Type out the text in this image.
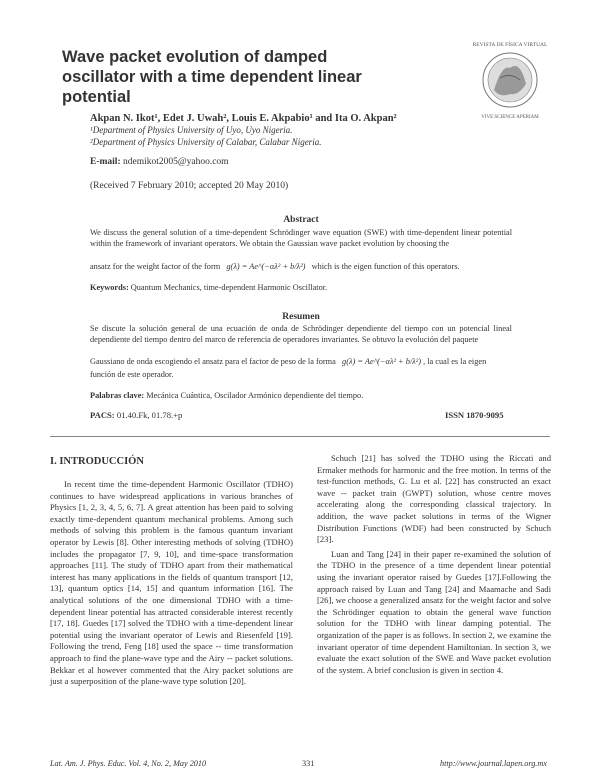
Wave packet evolution of damped oscillator with a time dependent linear potential
REVISTA DE FÍSICA VIRTUAL
VIVE SCIENCE APERIAM
Akpan N. Ikot¹, Edet J. Uwah², Louis E. Akpabio¹ and Ita O. Akpan²
¹Department of Physics University of Uyo, Uyo Nigeria.
²Department of Physics University of Calabar, Calabar Nigeria.
E-mail: ndemikot2005@yahoo.com
(Received 7 February 2010; accepted 20 May 2010)
Abstract
We discuss the general solution of a time-dependent Schrödinger wave equation (SWE) with time-dependent linear potential within the framework of invariant operators. We obtain the Gaussian wave packet evolution by choosing the
ansatz for the weight factor of the form g(λ) = Ae^(−αλ² + b/λ²) which is the eigen function of this operators.
Keywords: Quantum Mechanics, time-dependent Harmonic Oscillator.
Resumen
Se discute la solución general de una ecuación de onda de Schrödinger dependiente del tiempo con un potencial lineal dependiente del tiempo dentro del marco de referencia de operadores invariantes. Se obtuvo la evolución del paquete
Gaussiano de onda escogiendo el ansatz para el factor de peso de la forma g(λ) = Ae^(−αλ² + b/λ²) , la cual es la eigen
función de este operador.
Palabras clave: Mecánica Cuántica, Oscilador Armónico dependiente del tiempo.
PACS: 01.40.Fk, 01.78.+p	ISSN 1870-9095
I. INTRODUCCIÓN

In recent time the time-dependent Harmonic Oscillator (TDHO) continues to have widespread applications in various branches of Physics [1, 2, 3, 4, 5, 6, 7]. A great attention has been paid to solving exactly time-dependent quantum mechanical problems. Among such methods of solving this problem is the famous quantum invariant operator by Lewis [8]. Other interesting methods of solving (TDHO) includes the propagator [7, 9, 10], and time-space transformation approaches [11]. The study of TDHO apart from their mathematical interest has many applications in the fields of quantum transport [12, 13], quantum optics [14, 15] and quantum information [16]. The analytical solutions of the one dimensional TDHO with a time-dependent linear potential has attracted considerable interest recently [17, 18]. Guedes [17] solved the TDHO with a time-dependent linear potential using the invariant operator of Lewis and Riesenfeld [19]. Following the trend, Feng [18] used the space -- time transformation approach to find the plane-wave type and the Airy -- packet solutions. Bekkar et al however commented that the Airy packet solutions are just a superposition of the plane-wave type solution [20].

Schuch [21] has solved the TDHO using the Riccati and Ermaker methods for harmonic and the free motion. In terms of the test-function methods, G. Lu et al. [22] has constructed an exact wave -- packet train (GWPT) solution, whose centre moves accelerating along the corresponding classical trajectory. In addition, the wave packet solutions in terms of the Wigner Distribution Functions (WDF) had been constructed by Schuch [23].

Luan and Tang [24] in their paper re-examined the solution of the TDHO in the presence of a time dependent linear potential using the invariant operator raised by Guedes [17].Following the approach raised by Luan and Tang [24] and Maamache and Sadi [26], we choose a generalized ansatz for the weight factor and solve the Schrödinger equation to obtain the general wave function solution for the TDHO with linear damping potential. The organization of the paper is as follows. In section 2, we examine the invariant operator of time dependent Hamiltonian. In section 3, we evaluate the exact solution of the SWE and Wave packet evolution of the system. A brief conclusion is given in section 4.

Lat. Am. J. Phys. Educ. Vol. 4, No. 2, May 2010	331	http://www.journal.lapen.org.mx
